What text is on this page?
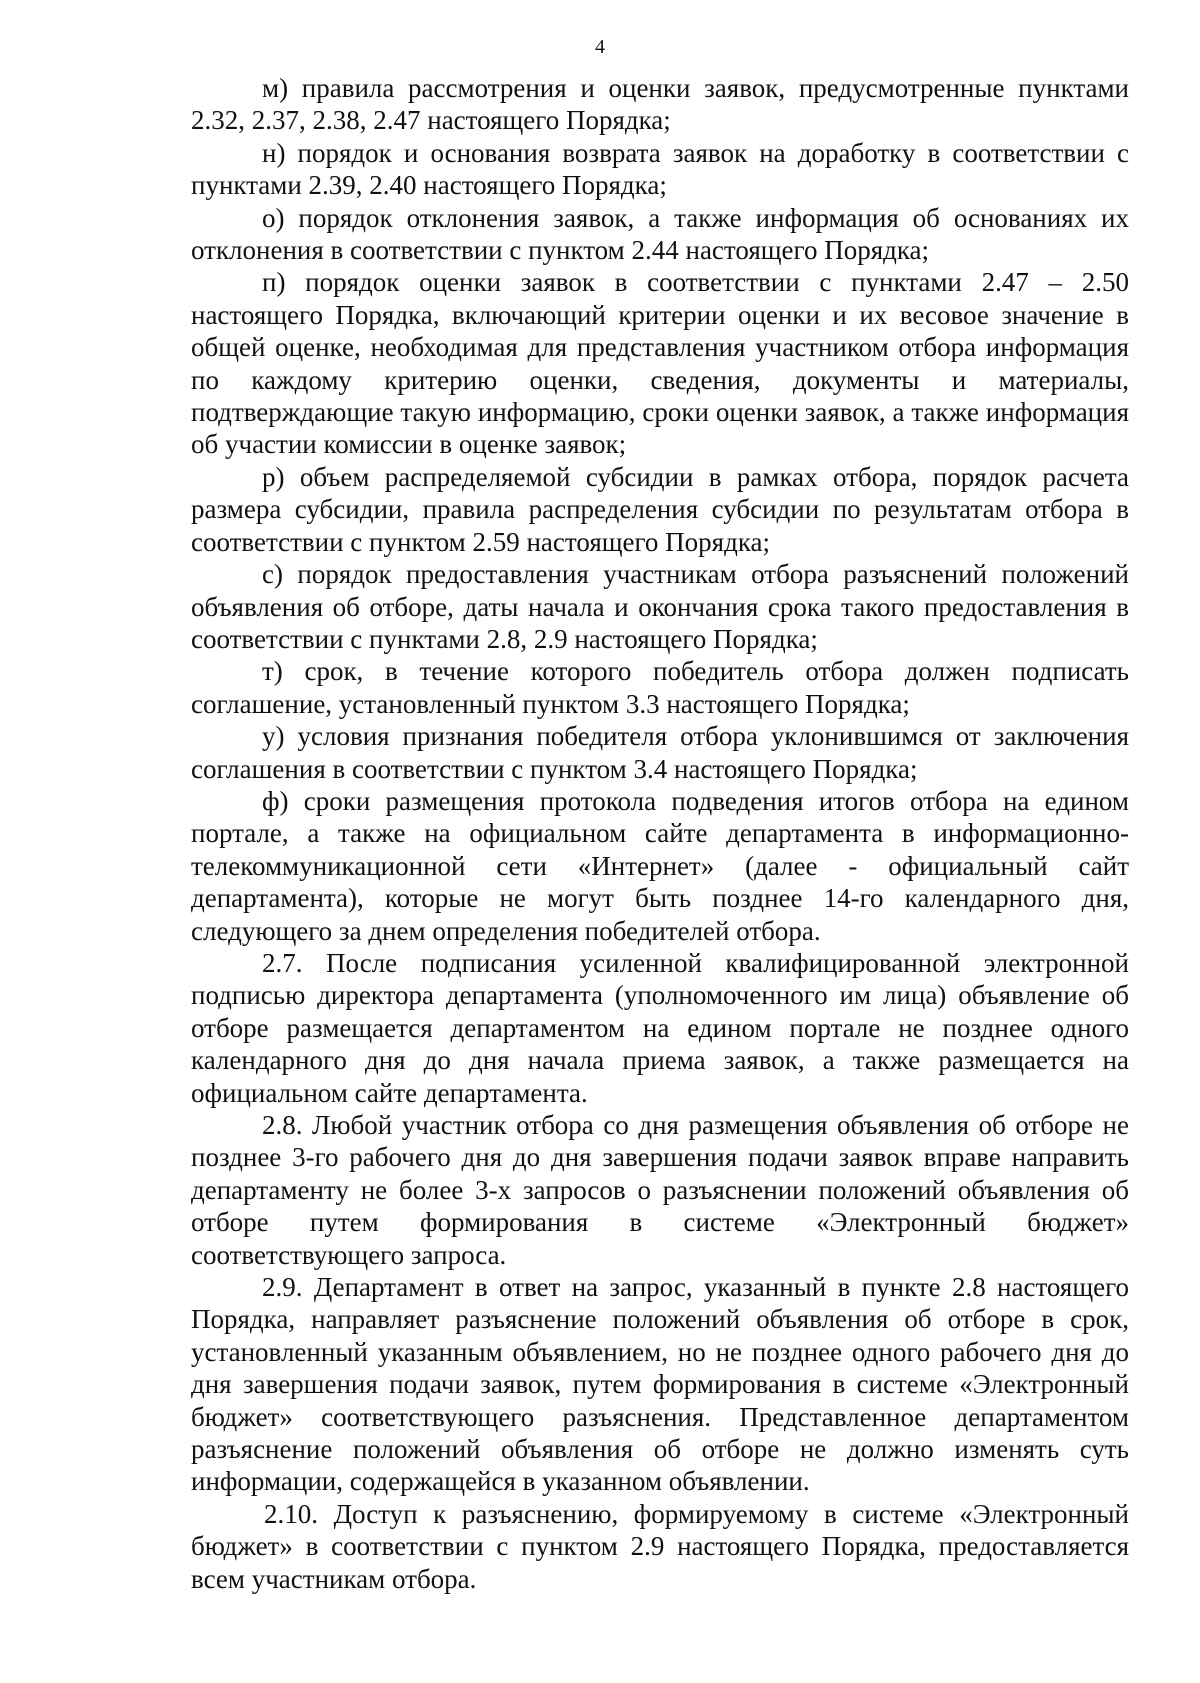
4

м) правила рассмотрения и оценки заявок, предусмотренные пунктами 2.32, 2.37, 2.38, 2.47 настоящего Порядка;

н) порядок и основания возврата заявок на доработку в соответствии с пунктами 2.39, 2.40 настоящего Порядка;

о) порядок отклонения заявок, а также информация об основаниях их отклонения в соответствии с пунктом 2.44 настоящего Порядка;

п) порядок оценки заявок в соответствии с пунктами 2.47 – 2.50 настоящего Порядка, включающий критерии оценки и их весовое значение в общей оценке, необходимая для представления участником отбора информация по каждому критерию оценки, сведения, документы и материалы, подтверждающие такую информацию, сроки оценки заявок, а также информация об участии комиссии в оценке заявок;

р) объем распределяемой субсидии в рамках отбора, порядок расчета размера субсидии, правила распределения субсидии по результатам отбора в соответствии с пунктом 2.59 настоящего Порядка;

с) порядок предоставления участникам отбора разъяснений положений объявления об отборе, даты начала и окончания срока такого предоставления в соответствии с пунктами 2.8, 2.9 настоящего Порядка;

т) срок, в течение которого победитель отбора должен подписать соглашение, установленный пунктом 3.3 настоящего Порядка;

у) условия признания победителя отбора уклонившимся от заключения соглашения в соответствии с пунктом 3.4 настоящего Порядка;

ф) сроки размещения протокола подведения итогов отбора на едином портале, а также на официальном сайте департамента в информационно-телекоммуникационной сети «Интернет» (далее - официальный сайт департамента), которые не могут быть позднее 14-го календарного дня, следующего за днем определения победителей отбора.

2.7. После подписания усиленной квалифицированной электронной подписью директора департамента (уполномоченного им лица) объявление об отборе размещается департаментом на едином портале не позднее одного календарного дня до дня начала приема заявок, а также размещается на официальном сайте департамента.

2.8. Любой участник отбора со дня размещения объявления об отборе не позднее 3-го рабочего дня до дня завершения подачи заявок вправе направить департаменту не более 3-х запросов о разъяснении положений объявления об отборе путем формирования в системе «Электронный бюджет» соответствующего запроса.

2.9. Департамент в ответ на запрос, указанный в пункте 2.8 настоящего Порядка, направляет разъяснение положений объявления об отборе в срок, установленный указанным объявлением, но не позднее одного рабочего дня до дня завершения подачи заявок, путем формирования в системе «Электронный бюджет» соответствующего разъяснения. Представленное департаментом разъяснение положений объявления об отборе не должно изменять суть информации, содержащейся в указанном объявлении.

2.10. Доступ к разъяснению, формируемому в системе «Электронный бюджет» в соответствии с пунктом 2.9 настоящего Порядка, предоставляется всем участникам отбора.
